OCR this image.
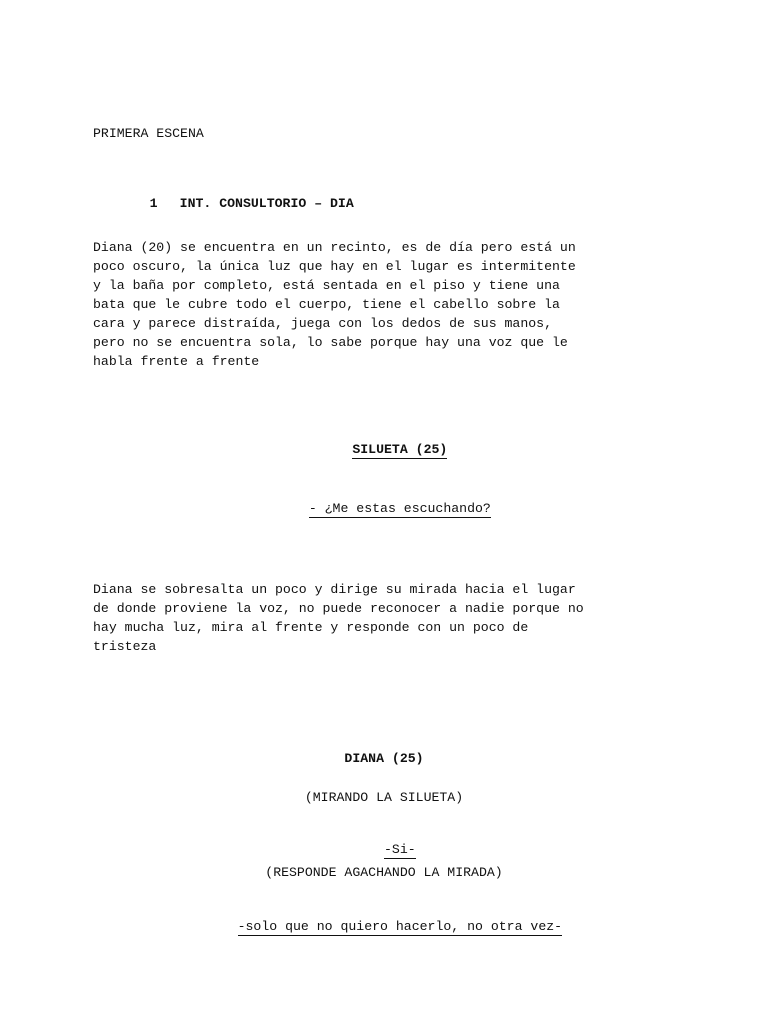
PRIMERA ESCENA

1 INT. CONSULTORIO – DIA

Diana (20) se encuentra en un recinto, es de día pero está un
poco oscuro, la única luz que hay en el lugar es intermitente
y la baña por completo, está sentada en el piso y tiene una
bata que le cubre todo el cuerpo, tiene el cabello sobre la
cara y parece distraída, juega con los dedos de sus manos,
pero no se encuentra sola, lo sabe porque hay una voz que le
habla frente a frente

SILUETA (25)

- ¿Me estas escuchando?

Diana se sobresalta un poco y dirige su mirada hacia el lugar
de donde proviene la voz, no puede reconocer a nadie porque no
hay mucha luz, mira al frente y responde con un poco de
tristeza
DIANA (25)
(MIRANDO LA SILUETA)

-Si-

(RESPONDE AGACHANDO LA MIRADA)

-solo que no quiero hacerlo, no otra vez-
